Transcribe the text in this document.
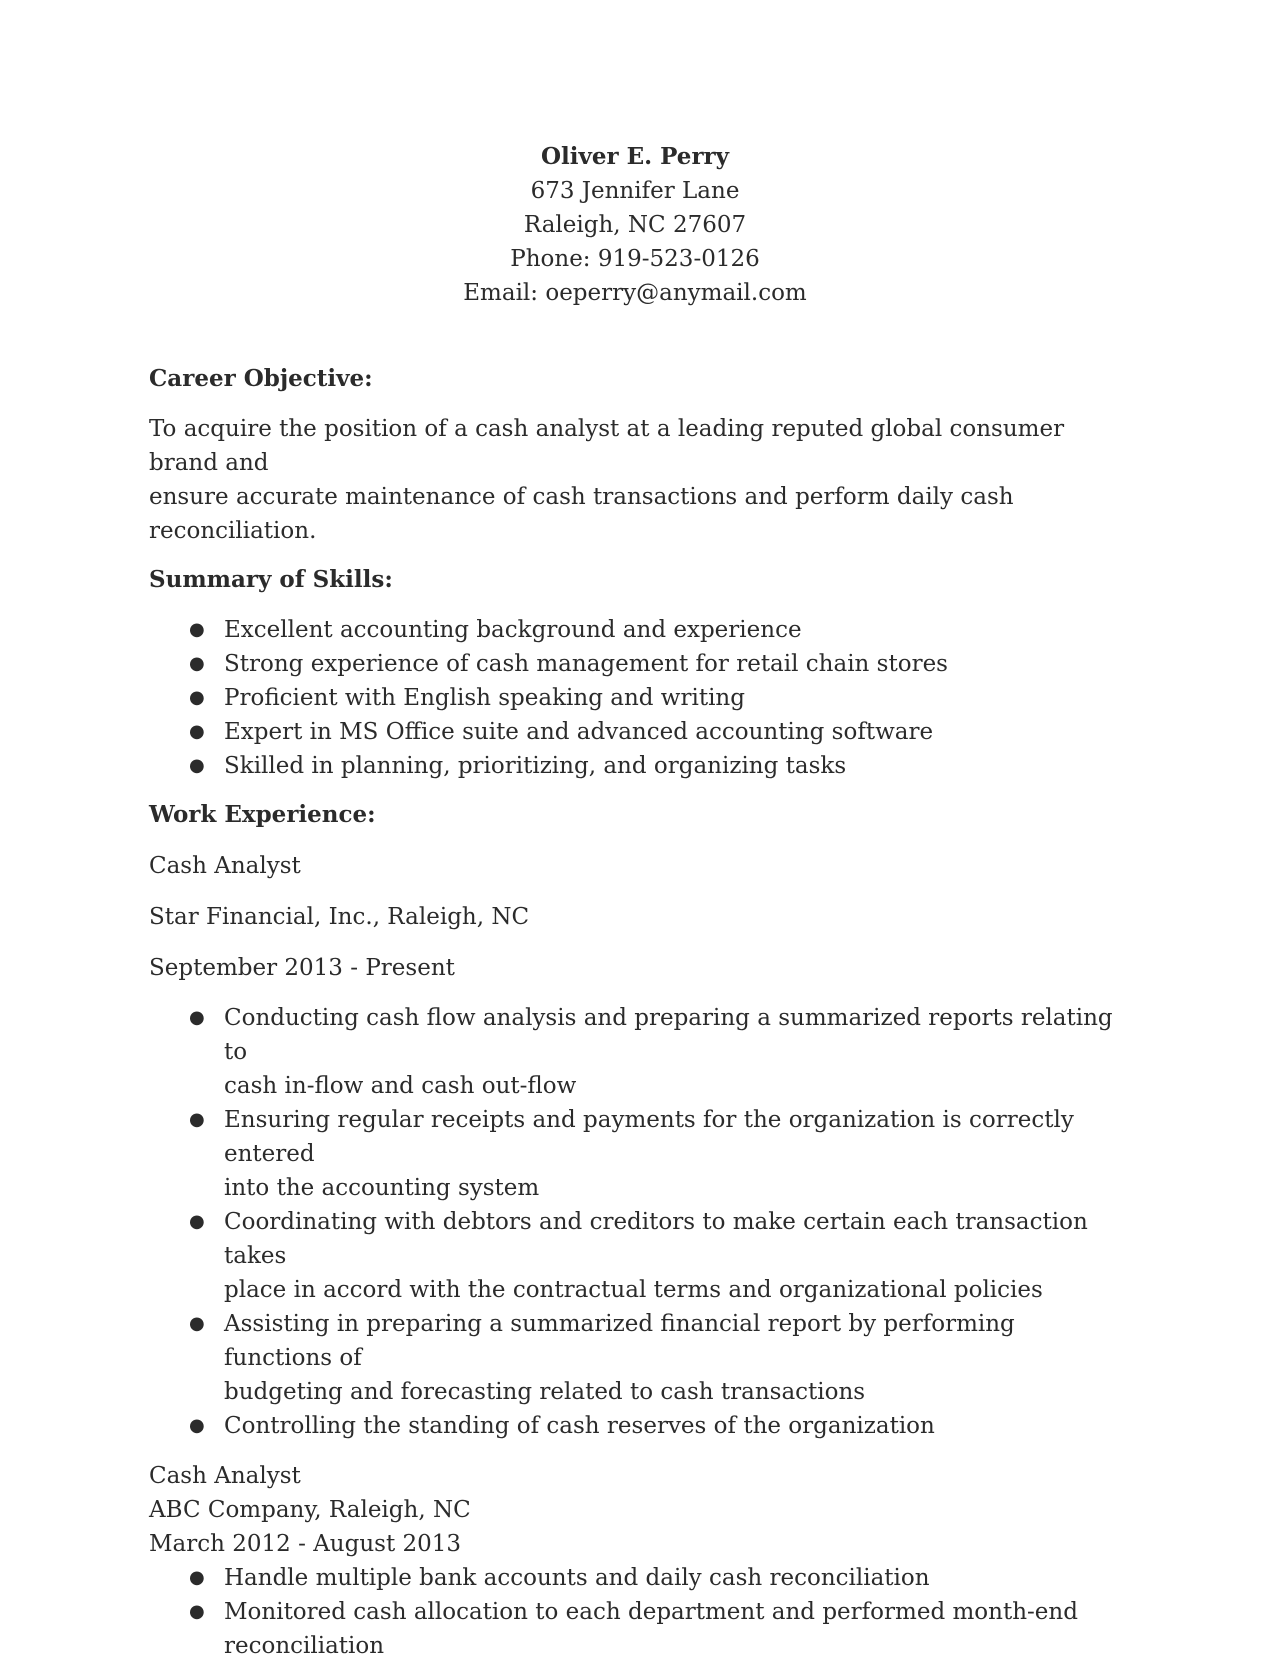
Oliver E. Perry
673 Jennifer Lane
Raleigh, NC 27607
Phone: 919-523-0126
Email: oeperry@anymail.com
Career Objective:
To acquire the position of a cash analyst at a leading reputed global consumer brand and
ensure accurate maintenance of cash transactions and perform daily cash reconciliation.
Summary of Skills:
● Excellent accounting background and experience
● Strong experience of cash management for retail chain stores
● Proficient with English speaking and writing
● Expert in MS Office suite and advanced accounting software
● Skilled in planning, prioritizing, and organizing tasks
Work Experience:
Cash Analyst
Star Financial, Inc., Raleigh, NC
September 2013 - Present
● Conducting cash flow analysis and preparing a summarized reports relating to
cash in-flow and cash out-flow
● Ensuring regular receipts and payments for the organization is correctly entered
into the accounting system
● Coordinating with debtors and creditors to make certain each transaction takes
place in accord with the contractual terms and organizational policies
● Assisting in preparing a summarized financial report by performing functions of
budgeting and forecasting related to cash transactions
● Controlling the standing of cash reserves of the organization
Cash Analyst
ABC Company, Raleigh, NC
March 2012 - August 2013
● Handle multiple bank accounts and daily cash reconciliation
● Monitored cash allocation to each department and performed month-end
reconciliation
